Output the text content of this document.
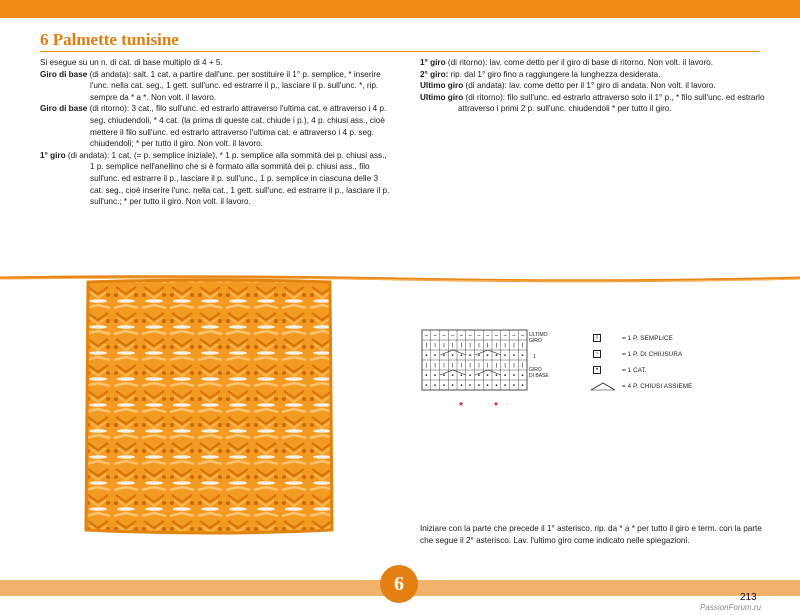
6 Palmette tunisine
Si esegue su un n. di cat. di base multiplo di 4 + 5.
Giro di base (di andata): salt. 1 cat. a partire dall'unc. per sostituire il 1° p. semplice, * inserire l'unc. nella cat. seg., 1 gett. sull'unc. ed estrarre il p., lasciare il p. sull'unc. *, rip. sempre da * a *. Non volt. il lavoro.
Giro di base (di ritorno): 3 cat., filo sull'unc. ed estrarlo attraverso l'ultima cat. e attraverso i 4 p. seg. chiudendoli, * 4 cat. (la prima di queste cat. chiude i p.), 4 p. chiusi ass., cioè mettere il filo sull'unc. ed estrarlo attraverso l'ultima cat. e attraverso i 4 p. seg. chiudendoli; * per tutto il giro. Non volt. il lavoro.
1° giro (di andata): 1 cat. (= p. semplice iniziale), * 1 p. semplice alla sommità dei p. chiusi ass., 1 p. semplice nell'anellino che si è formato alla sommità dei p. chiusi ass., filo sull'unc. ed estrarre il p., lasciare il p. sull'unc., 1 p. semplice in ciascuna delle 3 cat. seg., cioè inserire l'unc. nella cat., 1 gett. sull'unc. ed estrarre il p., lasciare il p. sull'unc.; * per tutto il giro. Non volt. il lavoro.
1° giro (di ritorno): lav. come detto per il giro di base di ritorno. Non volt. il lavoro.
2° giro: rip. dal 1° giro fino a raggiungere la lunghezza desiderata.
Ultimo giro (di andata): lav. come detto per il 1° giro di andata. Non volt. il lavoro.
Ultimo giro (di ritorno): filo sull'unc. ed estrarlo attraverso solo il 1° p., * filo sull'unc. ed estrarlo attraverso i primi 2 p. sull'unc. chiudendoli * per tutto il giro.
~ ~ ~ ~ ~ ~ ~ ~ ~ ~ ~ ~
I I I I I I I I I I I I
• • • • • • • • • • • •
I I I I I I I I I I I I
• • • • • • • • • • • •
• • • • • • • • • • • •
ULTIMO
GIRO
1
GIRO
DI BASE
*	*
I	= 1 P. SEMPLICE
~	= 1 P. DI CHIUSURA
•	= 1 CAT.
= 4 P. CHIUSI ASSIEME
Iniziare con la parte che precede il 1° asterisco, rip. da * a * per tutto il giro e term. con la parte che segue il 2° asterisco. Lav. l'ultimo giro come indicato nelle spiegazioni.
6
213
PassionForum.ru
